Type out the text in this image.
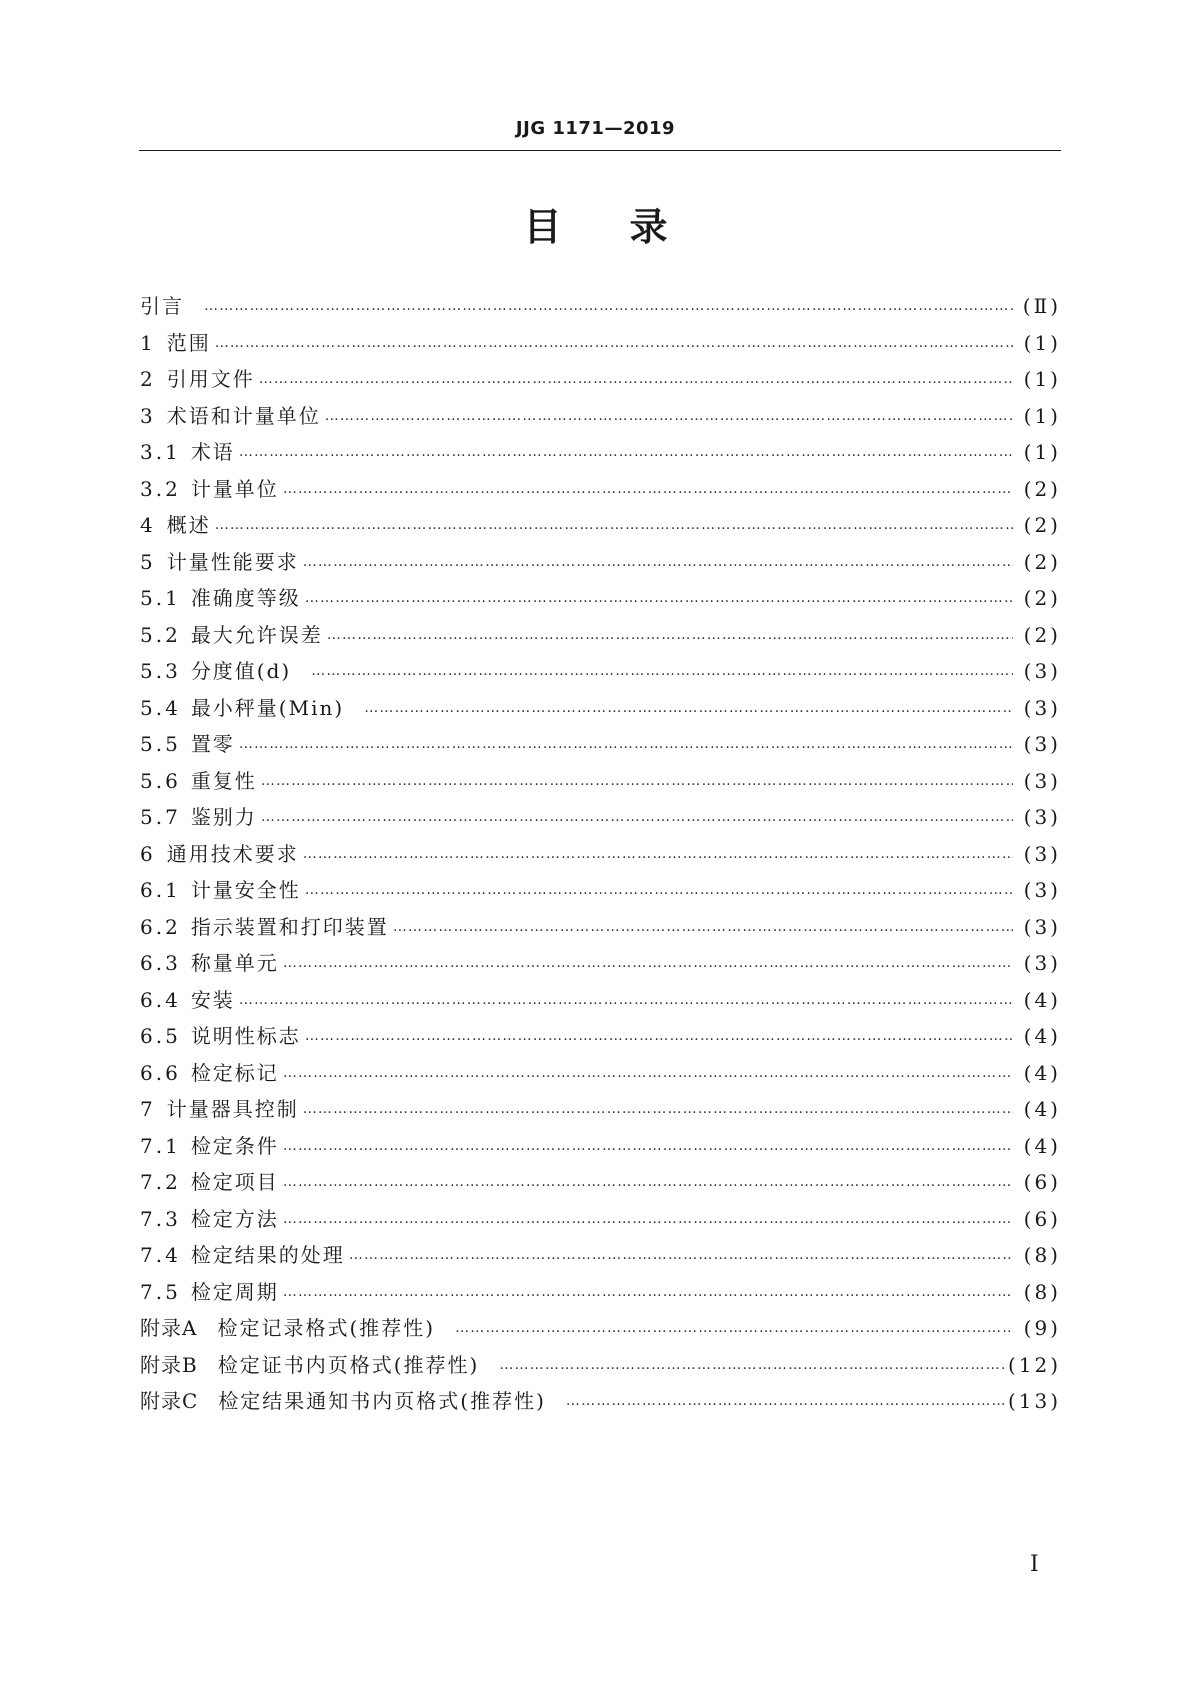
JJG 1171—2019
目录
引言 …………………………………………………………………………………………………………………………………………………………………………………………………………………………………	(Ⅱ)
1 范围 …………………………………………………………………………………………………………………………………………………………………………………………………………………………………	(1)
2 引用文件 …………………………………………………………………………………………………………………………………………………………………………………………………………………………………	(1)
3 术语和计量单位 …………………………………………………………………………………………………………………………………………………………………………………………………………………………………	(1)
3.1 术语 …………………………………………………………………………………………………………………………………………………………………………………………………………………………………	(1)
3.2 计量单位 …………………………………………………………………………………………………………………………………………………………………………………………………………………………………	(2)
4 概述 …………………………………………………………………………………………………………………………………………………………………………………………………………………………………	(2)
5 计量性能要求 …………………………………………………………………………………………………………………………………………………………………………………………………………………………………	(2)
5.1 准确度等级 …………………………………………………………………………………………………………………………………………………………………………………………………………………………………	(2)
5.2 最大允许误差 …………………………………………………………………………………………………………………………………………………………………………………………………………………………………	(2)
5.3 分度值(d) …………………………………………………………………………………………………………………………………………………………………………………………………………………………………	(3)
5.4 最小秤量(Min) …………………………………………………………………………………………………………………………………………………………………………………………………………………………………	(3)
5.5 置零 …………………………………………………………………………………………………………………………………………………………………………………………………………………………………	(3)
5.6 重复性 …………………………………………………………………………………………………………………………………………………………………………………………………………………………………	(3)
5.7 鉴别力 …………………………………………………………………………………………………………………………………………………………………………………………………………………………………	(3)
6 通用技术要求 …………………………………………………………………………………………………………………………………………………………………………………………………………………………………	(3)
6.1 计量安全性 …………………………………………………………………………………………………………………………………………………………………………………………………………………………………	(3)
6.2 指示装置和打印装置 …………………………………………………………………………………………………………………………………………………………………………………………………………………………………	(3)
6.3 称量单元 …………………………………………………………………………………………………………………………………………………………………………………………………………………………………	(3)
6.4 安装 …………………………………………………………………………………………………………………………………………………………………………………………………………………………………	(4)
6.5 说明性标志 …………………………………………………………………………………………………………………………………………………………………………………………………………………………………	(4)
6.6 检定标记 …………………………………………………………………………………………………………………………………………………………………………………………………………………………………	(4)
7 计量器具控制 …………………………………………………………………………………………………………………………………………………………………………………………………………………………………	(4)
7.1 检定条件 …………………………………………………………………………………………………………………………………………………………………………………………………………………………………	(4)
7.2 检定项目 …………………………………………………………………………………………………………………………………………………………………………………………………………………………………	(6)
7.3 检定方法 …………………………………………………………………………………………………………………………………………………………………………………………………………………………………	(6)
7.4 检定结果的处理 …………………………………………………………………………………………………………………………………………………………………………………………………………………………………	(8)
7.5 检定周期 …………………………………………………………………………………………………………………………………………………………………………………………………………………………………	(8)
附录A 检定记录格式(推荐性) …………………………………………………………………………………………………………………………………………………………………………………………………………………………………	(9)
附录B 检定证书内页格式(推荐性) …………………………………………………………………………………………………………………………………………………………………………………………………………………………………	(12)
附录C 检定结果通知书内页格式(推荐性) …………………………………………………………………………………………………………………………………………………………………………………………………………………………………	(13)
Ⅰ
